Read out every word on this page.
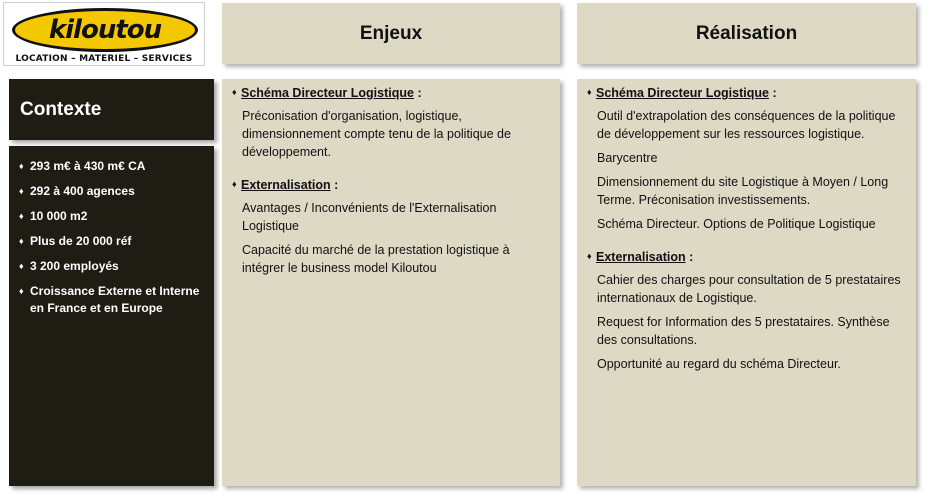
kiloutou
LOCATION – MATERIEL – SERVICES
Contexte
♦ 293 m€ à 430 m€ CA
♦ 292 à 400 agences
♦ 10 000 m2
♦ Plus de 20 000 réf
♦ 3 200 employés
♦ Croissance Externe et Interne en France et en Europe
Enjeux
♦ Schéma Directeur Logistique :
Préconisation d'organisation, logistique, dimensionnement compte tenu de la politique de développement.
♦ Externalisation :
Avantages / Inconvénients de l'Externalisation Logistique
Capacité du marché de la prestation logistique à intégrer le business model Kiloutou
Réalisation
♦ Schéma Directeur Logistique :
Outil d'extrapolation des conséquences de la politique de développement sur les ressources logistique.
Barycentre
Dimensionnement du site Logistique à Moyen / Long Terme. Préconisation investissements.
Schéma Directeur. Options de Politique Logistique
♦ Externalisation :
Cahier des charges pour consultation de 5 prestataires internationaux de Logistique.
Request for Information des 5 prestataires. Synthèse des consultations.
Opportunité au regard du schéma Directeur.
